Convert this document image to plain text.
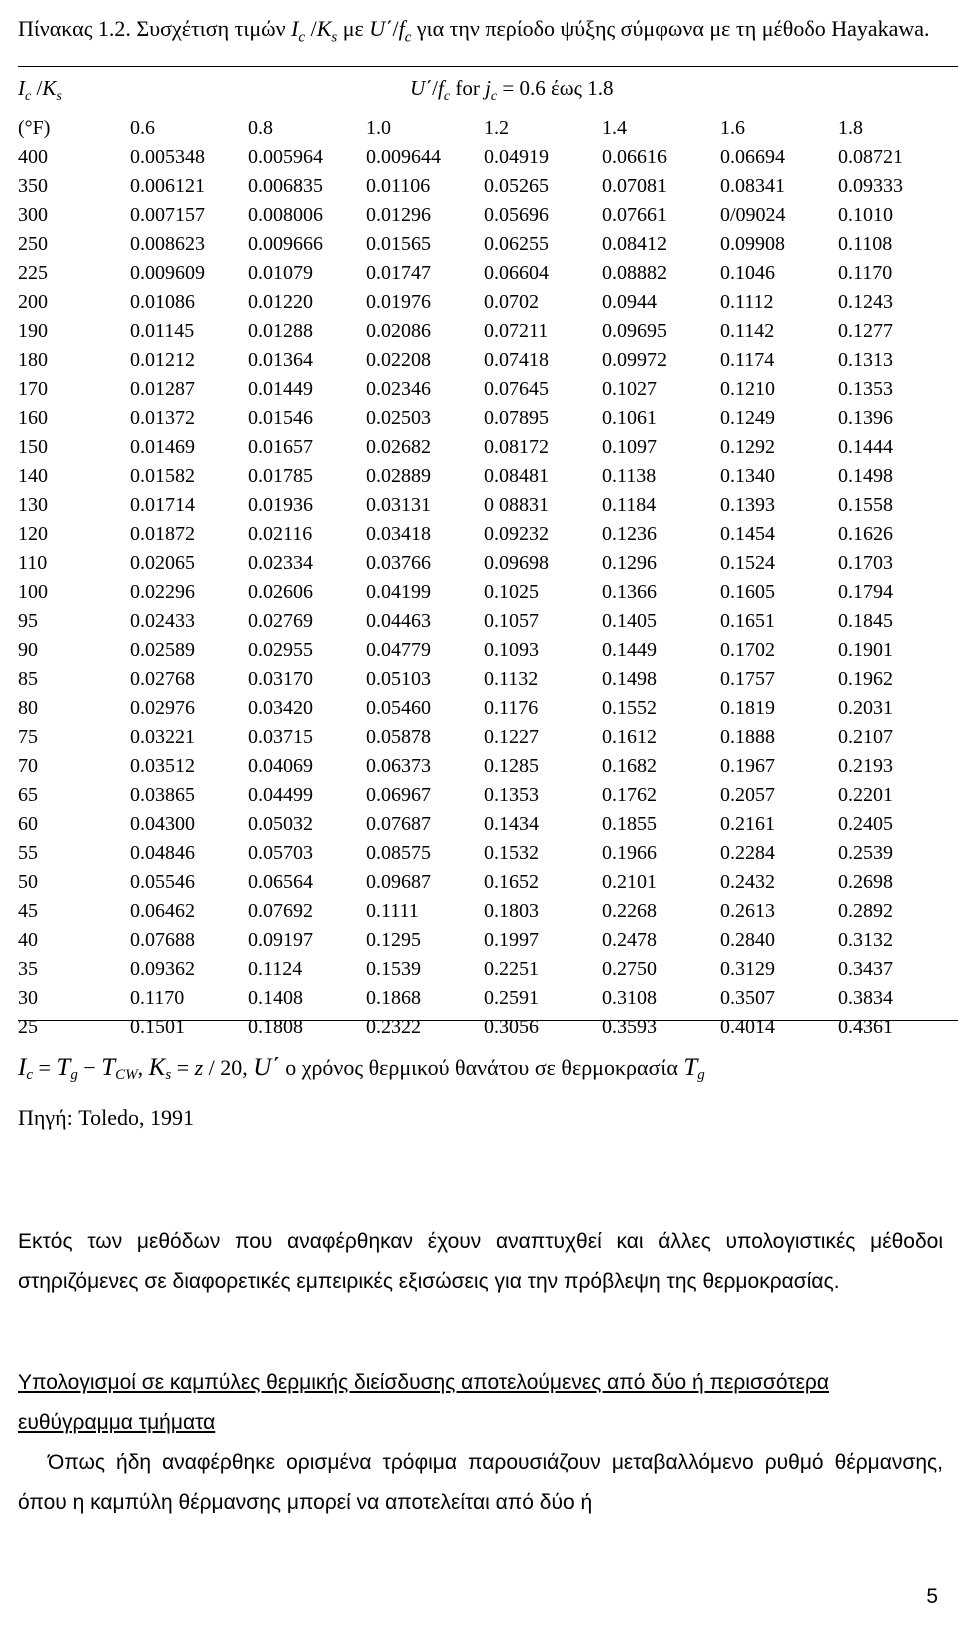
Πίνακας 1.2. Συσχέτιση τιμών $I_c$ $/K_s$ με $U΄/f_c$ για την περίοδο ψύξης σύμφωνα με τη μέθοδο Hayakawa.
$I_c$ $/K_s$	$U΄/f_c$ for $j_c = 0.6$ έως 1.8
(°F)	0.6	0.8	1.0	1.2	1.4	1.6	1.8
400	0.005348	0.005964	0.009644	0.04919	0.06616	0.06694	0.08721
350	0.006121	0.006835	0.01106	0.05265	0.07081	0.08341	0.09333
300	0.007157	0.008006	0.01296	0.05696	0.07661	0/09024	0.1010
250	0.008623	0.009666	0.01565	0.06255	0.08412	0.09908	0.1108
225	0.009609	0.01079	0.01747	0.06604	0.08882	0.1046	0.1170
200	0.01086	0.01220	0.01976	0.0702	0.0944	0.1112	0.1243
190	0.01145	0.01288	0.02086	0.07211	0.09695	0.1142	0.1277
180	0.01212	0.01364	0.02208	0.07418	0.09972	0.1174	0.1313
170	0.01287	0.01449	0.02346	0.07645	0.1027	0.1210	0.1353
160	0.01372	0.01546	0.02503	0.07895	0.1061	0.1249	0.1396
150	0.01469	0.01657	0.02682	0.08172	0.1097	0.1292	0.1444
140	0.01582	0.01785	0.02889	0.08481	0.1138	0.1340	0.1498
130	0.01714	0.01936	0.03131	0 08831	0.1184	0.1393	0.1558
120	0.01872	0.02116	0.03418	0.09232	0.1236	0.1454	0.1626
110	0.02065	0.02334	0.03766	0.09698	0.1296	0.1524	0.1703
100	0.02296	0.02606	0.04199	0.1025	0.1366	0.1605	0.1794
95	0.02433	0.02769	0.04463	0.1057	0.1405	0.1651	0.1845
90	0.02589	0.02955	0.04779	0.1093	0.1449	0.1702	0.1901
85	0.02768	0.03170	0.05103	0.1132	0.1498	0.1757	0.1962
80	0.02976	0.03420	0.05460	0.1176	0.1552	0.1819	0.2031
75	0.03221	0.03715	0.05878	0.1227	0.1612	0.1888	0.2107
70	0.03512	0.04069	0.06373	0.1285	0.1682	0.1967	0.2193
65	0.03865	0.04499	0.06967	0.1353	0.1762	0.2057	0.2201
60	0.04300	0.05032	0.07687	0.1434	0.1855	0.2161	0.2405
55	0.04846	0.05703	0.08575	0.1532	0.1966	0.2284	0.2539
50	0.05546	0.06564	0.09687	0.1652	0.2101	0.2432	0.2698
45	0.06462	0.07692	0.1111	0.1803	0.2268	0.2613	0.2892
40	0.07688	0.09197	0.1295	0.1997	0.2478	0.2840	0.3132
35	0.09362	0.1124	0.1539	0.2251	0.2750	0.3129	0.3437
30	0.1170	0.1408	0.1868	0.2591	0.3108	0.3507	0.3834
25	0.1501	0.1808	0.2322	0.3056	0.3593	0.4014	0.4361
$I_c = T_g - T_{CW}$, $K_s = z / 20$, U΄ ο χρόνος θερμικού θανάτου σε θερμοκρασία $T_g$
Πηγή: Toledo, 1991
Εκτός των μεθόδων που αναφέρθηκαν έχουν αναπτυχθεί και άλλες υπολογιστικές μέθοδοι στηριζόμενες σε διαφορετικές εμπειρικές εξισώσεις για την πρόβλεψη της θερμοκρασίας.
Υπολογισμοί σε καμπύλες θερμικής διείσδυσης αποτελούμενες από δύο ή περισσότερα ευθύγραμμα τμήματα
Όπως ήδη αναφέρθηκε ορισμένα τρόφιμα παρουσιάζουν μεταβαλλόμενο ρυθμό θέρμανσης, όπου η καμπύλη θέρμανσης μπορεί να αποτελείται από δύο ή
5
